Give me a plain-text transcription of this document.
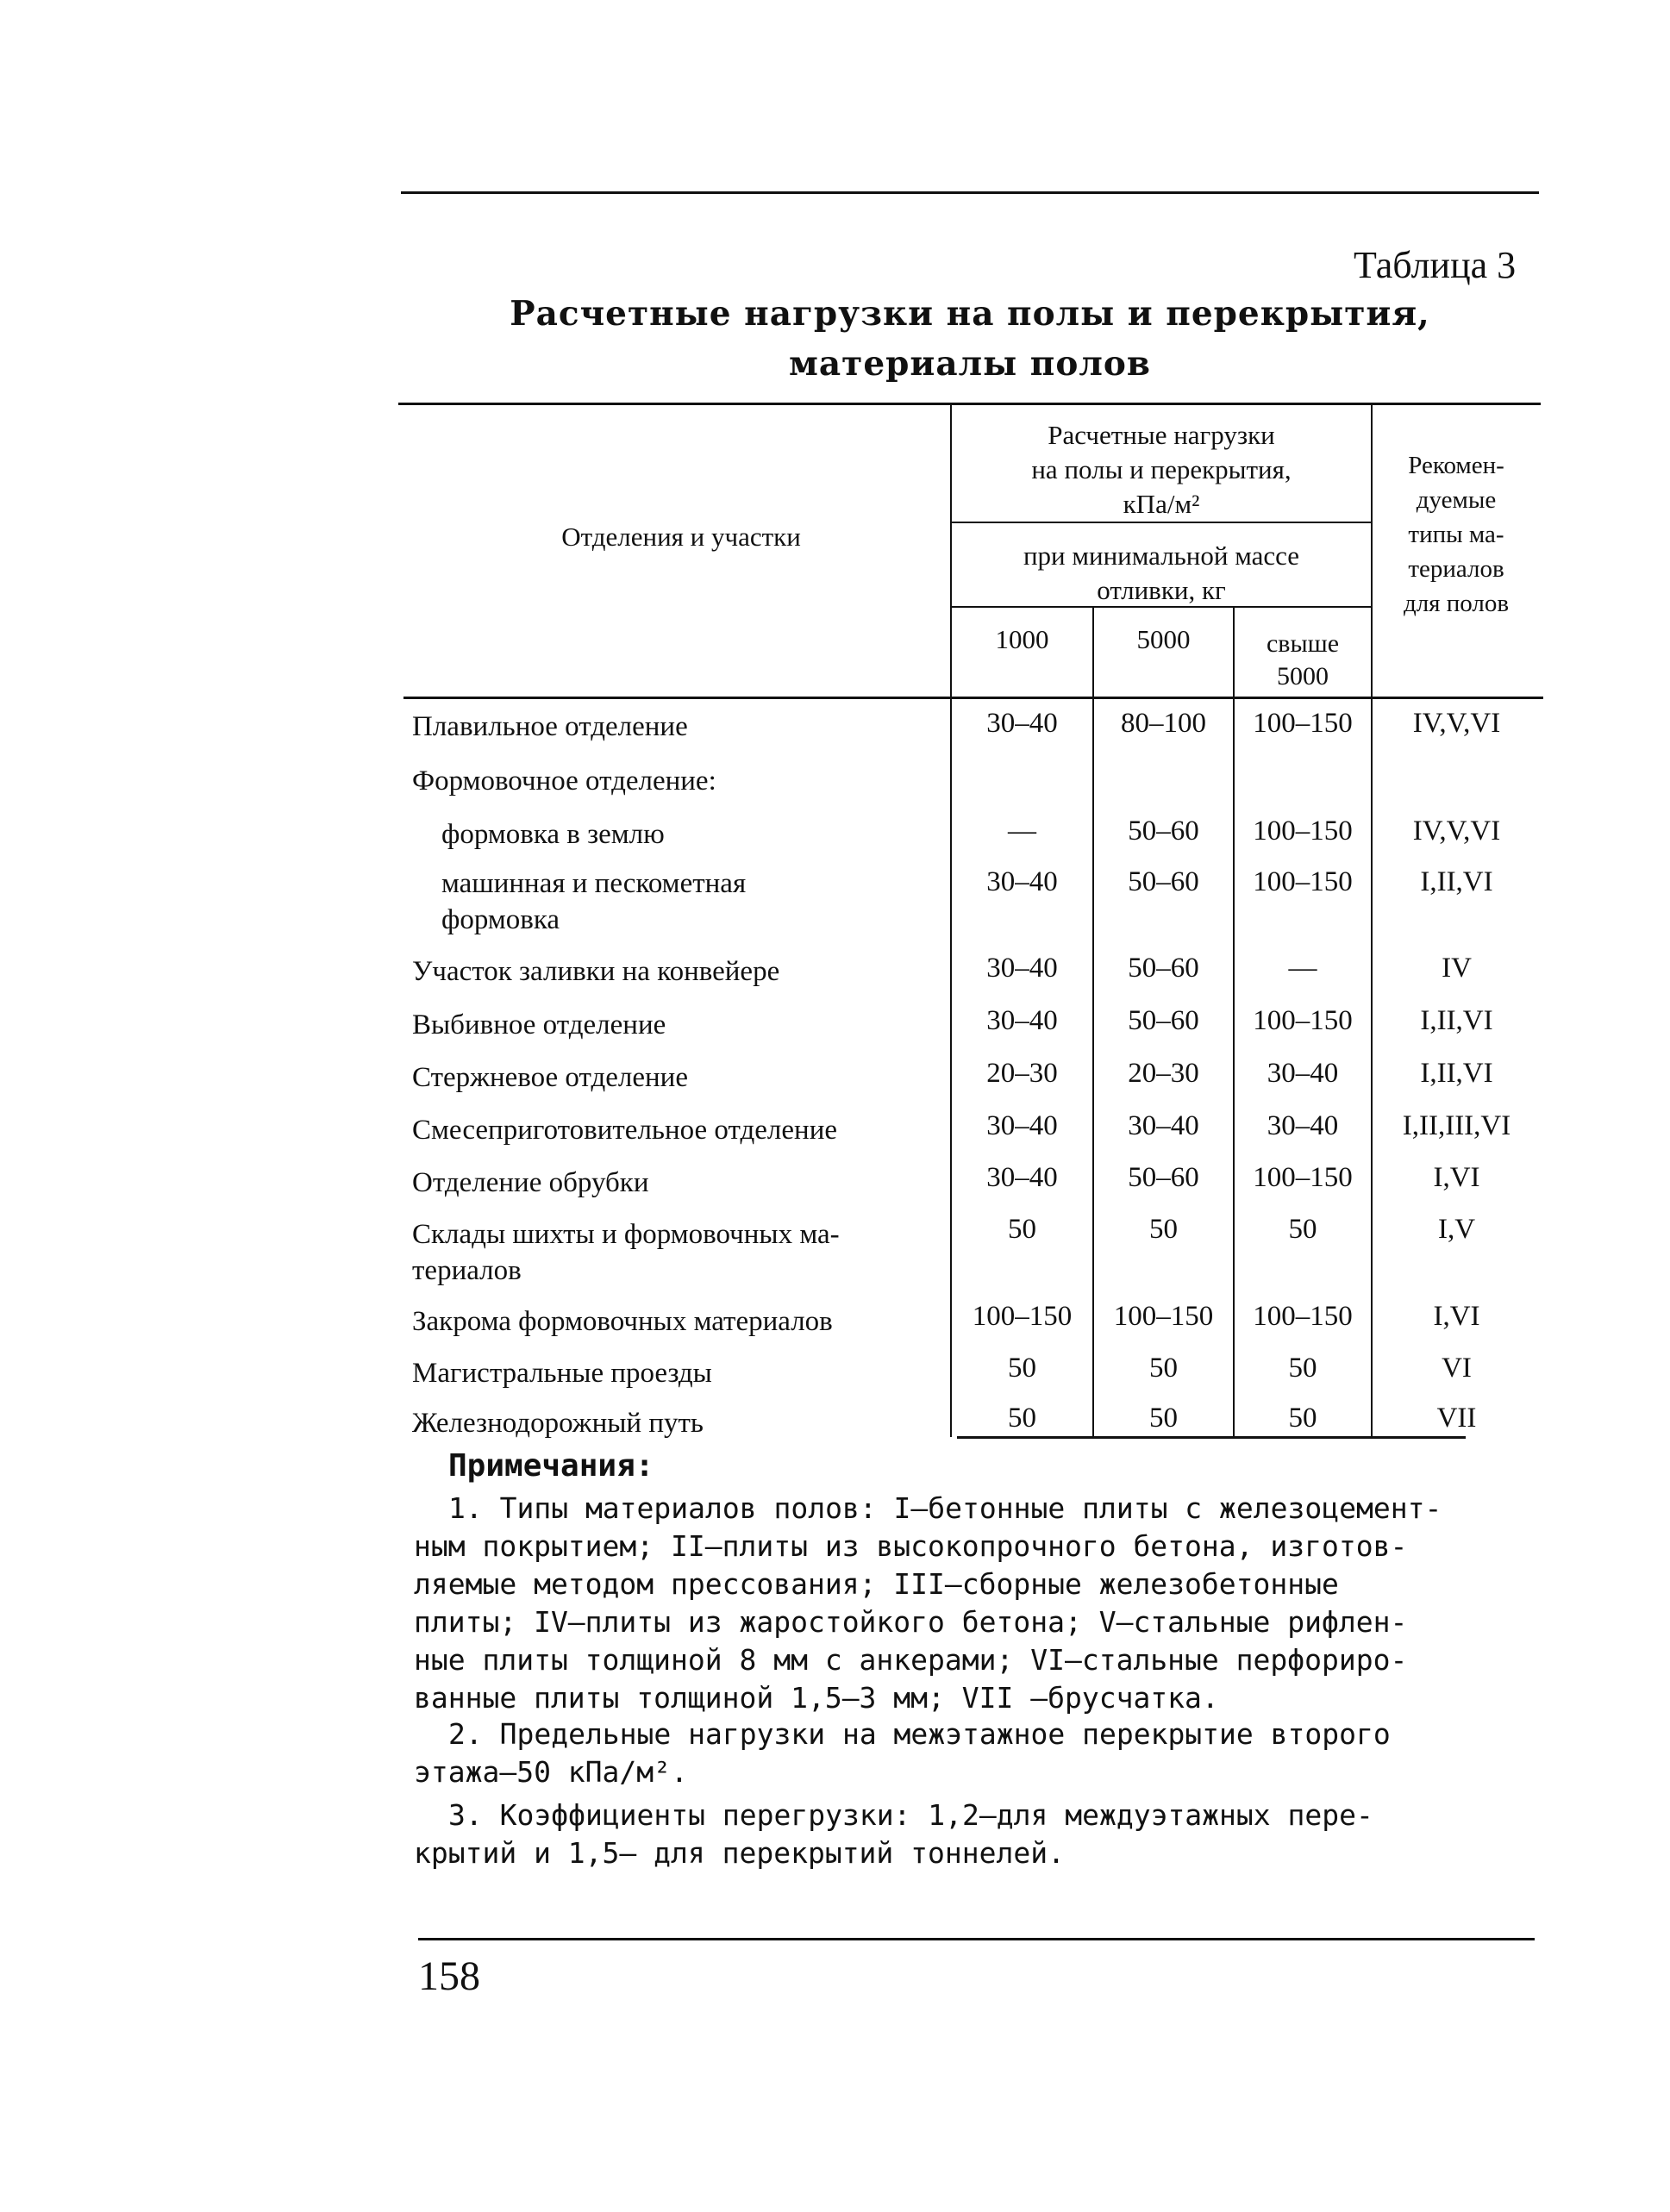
Таблица 3
Расчетные нагрузки на полы и перекрытия,
материалы полов
Отделения и участки
Расчетные нагрузки
на полы и перекрытия,
кПа/м²
при минимальной массе
отливки, кг
1000	5000	свыше
5000
Рекомен-
дуемые
типы ма-
териалов
для полов
Плавильное отделение	30–40	80–100	100–150	IV,V,VI
Формовочное отделение:
формовка в землю	—	50–60	100–150	IV,V,VI
машинная и пескометная
формовка
30–40	50–60	100–150	I,II,VI
Участок заливки на конвейере	30–40	50–60	—	IV
Выбивное отделение	30–40	50–60	100–150	I,II,VI
Стержневое отделение	20–30	20–30	30–40	I,II,VI
Смесеприготовительное отделение	30–40	30–40	30–40	I,II,III,VI
Отделение обрубки	30–40	50–60	100–150	I,VI
Склады шихты и формовочных ма-
териалов
50	50	50	I,V
Закрома формовочных материалов	100–150	100–150	100–150	I,VI
Магистральные проезды	50	50	50	VI
Железнодорожный путь	50	50	50	VII
Примечания:
1. Типы материалов полов: I—бетонные плиты с железоцемент-
ным покрытием; II—плиты из высокопрочного бетона, изготов-
ляемые методом прессования; III—сборные железобетонные
плиты; IV—плиты из жаростойкого бетона; V—стальные рифлен-
ные плиты толщиной 8 мм с анкерами; VI—стальные перфориро-
ванные плиты толщиной 1,5–3 мм; VII —брусчатка.
2. Предельные нагрузки на межэтажное перекрытие второго
этажа—50 кПа/м².
3. Коэффициенты перегрузки: 1,2—для междуэтажных пере-
крытий и 1,5— для перекрытий тоннелей.
158
